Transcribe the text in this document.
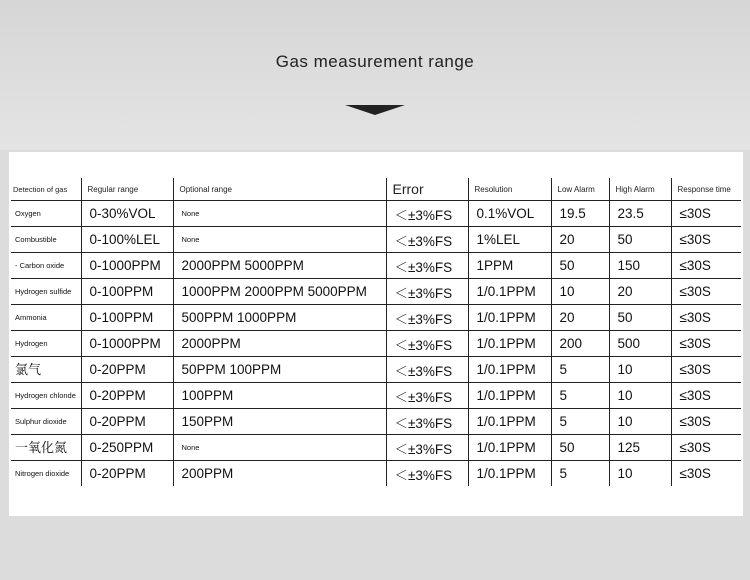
Gas measurement range
Detection of gas	Regular range	Optional range	Error	Resolution	Low Alarm	High Alarm	Response time
Oxygen	0-30%VOL	None	＜±3%FS	0.1%VOL	19.5	23.5	≤30S
Combustible	0-100%LEL	None	＜±3%FS	1%LEL	20	50	≤30S
- Carbon oxide	0-1000PPM	2000PPM 5000PPM	＜±3%FS	1PPM	50	150	≤30S
Hydrogen sulfide	0-100PPM	1000PPM 2000PPM 5000PPM	＜±3%FS	1/0.1PPM	10	20	≤30S
Ammonia	0-100PPM	500PPM 1000PPM	＜±3%FS	1/0.1PPM	20	50	≤30S
Hydrogen	0-1000PPM	2000PPM	＜±3%FS	1/0.1PPM	200	500	≤30S
氯气	0-20PPM	50PPM 100PPM	＜±3%FS	1/0.1PPM	5	10	≤30S
Hydrogen chlonde	0-20PPM	100PPM	＜±3%FS	1/0.1PPM	5	10	≤30S
Sulphur dioxide	0-20PPM	150PPM	＜±3%FS	1/0.1PPM	5	10	≤30S
一氧化氮	0-250PPM	None	＜±3%FS	1/0.1PPM	50	125	≤30S
Nitrogen dioxide	0-20PPM	200PPM	＜±3%FS	1/0.1PPM	5	10	≤30S
